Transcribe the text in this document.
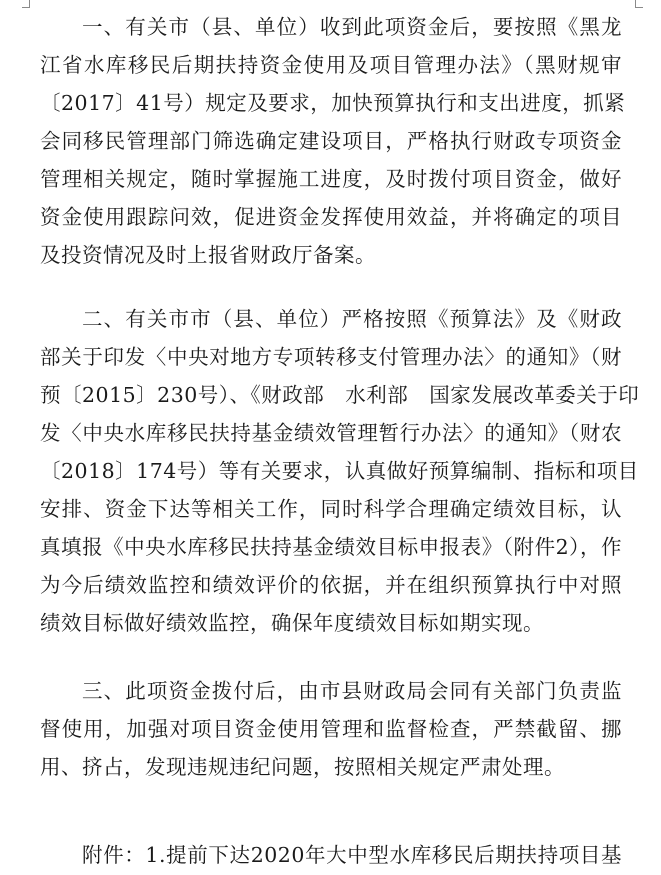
一、有关市（县、单位）收到此项资金后，要按照《黑龙
江省水库移民后期扶持资金使用及项目管理办法》（黑财规审
〔2017〕41号）规定及要求，加快预算执行和支出进度，抓紧
会同移民管理部门筛选确定建设项目，严格执行财政专项资金
管理相关规定，随时掌握施工进度，及时拨付项目资金，做好
资金使用跟踪问效，促进资金发挥使用效益，并将确定的项目
及投资情况及时上报省财政厅备案。
二、有关市市（县、单位）严格按照《预算法》及《财政
部关于印发〈中央对地方专项转移支付管理办法〉的通知》（财
预〔2015〕230号）、《财政部　水利部　国家发展改革委关于印
发〈中央水库移民扶持基金绩效管理暂行办法〉的通知》（财农
〔2018〕174号）等有关要求，认真做好预算编制、指标和项目
安排、资金下达等相关工作，同时科学合理确定绩效目标，认
真填报《中央水库移民扶持基金绩效目标申报表》（附件2），作
为今后绩效监控和绩效评价的依据，并在组织预算执行中对照
绩效目标做好绩效监控，确保年度绩效目标如期实现。
三、此项资金拨付后，由市县财政局会同有关部门负责监
督使用，加强对项目资金使用管理和监督检查，严禁截留、挪
用、挤占，发现违规违纪问题，按照相关规定严肃处理。
附件：1.提前下达2020年大中型水库移民后期扶持项目基
